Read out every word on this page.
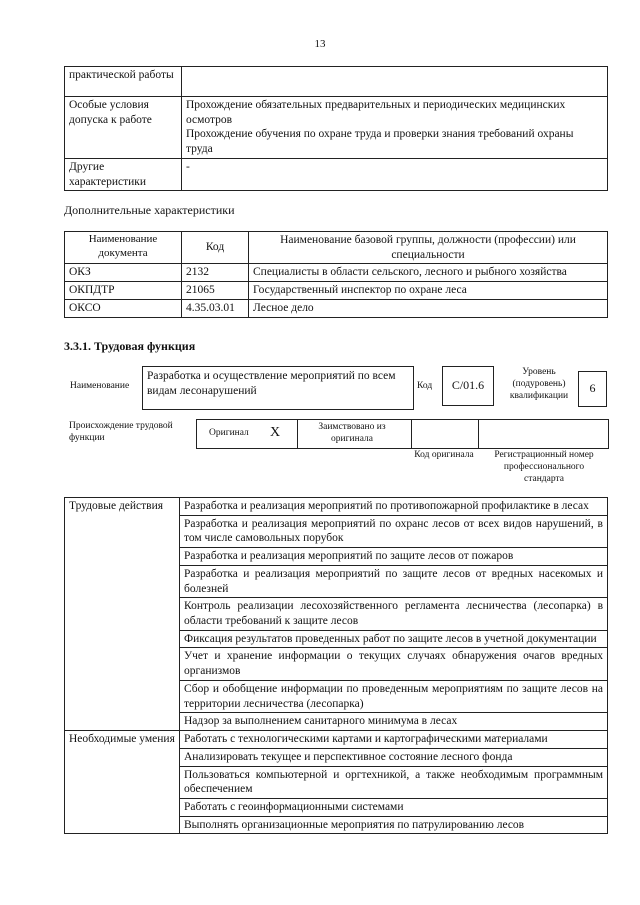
13
практической работы	
Особые условия допуска к работе	Прохождение обязательных предварительных и периодических медицинских осмотров
Прохождение обучения по охране труда и проверки знания требований охраны труда

Другие характеристики	-
Дополнительные характеристики
Наименование документа	Код	Наименование базовой группы, должности (профессии) или специальности
ОКЗ	2132	Специалисты в области сельского, лесного и рыбного хозяйства
ОКПДТР	21065	Государственный инспектор по охране леса
ОКСО	4.35.03.01	Лесное дело
3.3.1. Трудовая функция
Наименование
Разработка и осуществление мероприятий по всем видам лесонарушений	Код С/01.6
Уровень (подуровень) квалификации
6
Происхождение трудовой функции	Оригинал X	Заимствовано из оригинала
Код оригинала	Регистрационный номер профессионального стандарта
Трудовые действия	Разработка и реализация мероприятий по противопожарной профилактике в лесах
	Разработка и реализация мероприятий по охранс лесов от всех видов нарушений, в том числе самовольных порубок
	Разработка и реализация мероприятий по защите лесов от пожаров
	Разработка и реализация мероприятий по защите лесов от вредных насекомых и болезней
	Контроль реализации лесохозяйственного регламента лесничества (лесопарка) в области требований к защите лесов
	Фиксация результатов проведенных работ по защите лесов в учетной документации
	Учет и хранение информации о текущих случаях обнаружения очагов вредных организмов
	Сбор и обобщение информации по проведенным мероприятиям по защите лесов на территории лесничества (лесопарка)
	Надзор за выполнением санитарного минимума в лесах
Необходимые умения	Работать с технологическими картами и картографическими материалами
	Анализировать текущее и перспективное состояние лесного фонда
	Пользоваться компьютерной и оргтехникой, а также необходимым программным обеспечением
	Работать с геоинформационными системами
	Выполнять организационные мероприятия по патрулированию лесов
